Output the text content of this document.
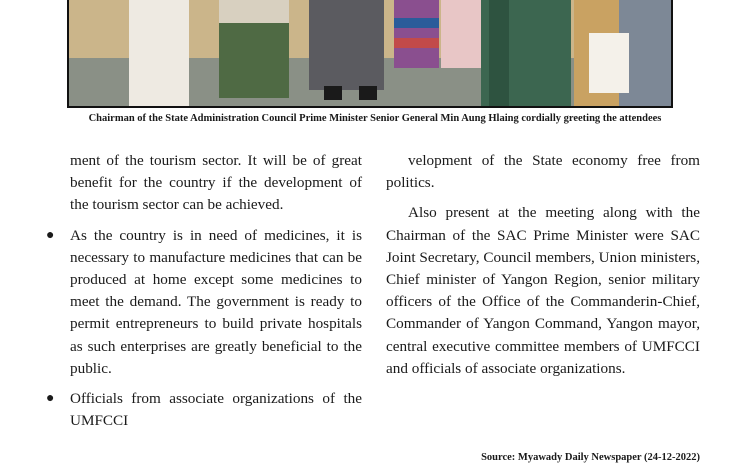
Chairman of the State Administration Council Prime Minister Senior General Min Aung Hlaing cordially greeting the attendees

ment of the tourism sector. It will be of great benefit for the country if the development of the tourism sector can be achieved.

● As the country is in need of medicines, it is necessary to manufacture medicines that can be produced at home except some medicines to meet the demand. The government is ready to permit entrepreneurs to build private hospitals as such enterprises are greatly beneficial to the public.
● Officials from associate organizations of the UMFCCI

velopment of the State economy free from politics.

Also present at the meeting along with the Chairman of the SAC Prime Minister were SAC Joint Secretary, Council members, Union ministers, Chief minister of Yangon Region, senior military officers of the Office of the Commanderin-Chief, Commander of Yangon Command, Yangon mayor, central executive committee members of UMFCCI and officials of associate organizations.

Source: Myawady Daily Newspaper (24-12-2022)
